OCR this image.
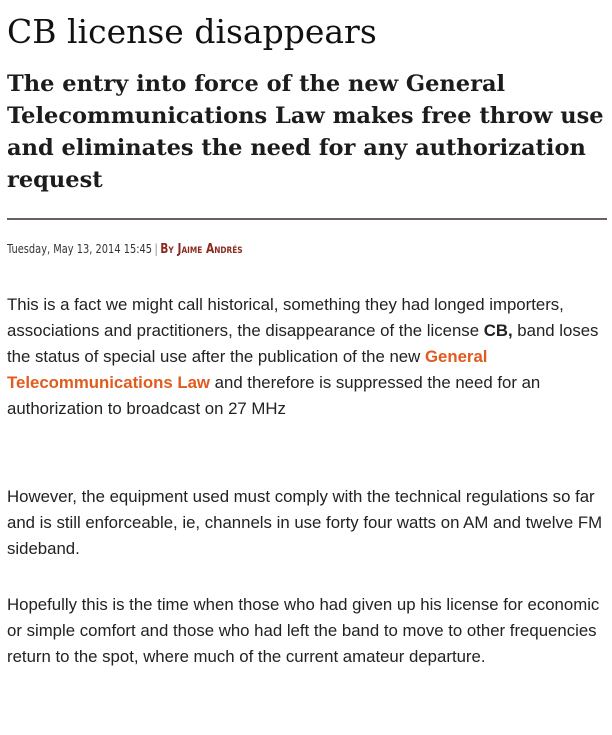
CB license disappears
The entry into force of the new General Telecommunications Law makes free throw use and eliminates the need for any authorization request
Tuesday, May 13, 2014 15:45 | By Jaime Andrés

This is a fact we might call historical, something they had longed importers, associations and practitioners, the disappearance of the license CB, band loses the status of special use after the publication of the new General Telecommunications Law and therefore is suppressed the need for an authorization to broadcast on 27 MHz

However, the equipment used must comply with the technical regulations so far and is still enforceable, ie, channels in use forty four watts on AM and twelve FM sideband.

Hopefully this is the time when those who had given up his license for economic or simple comfort and those who had left the band to move to other frequencies return to the spot, where much of the current amateur departure.
